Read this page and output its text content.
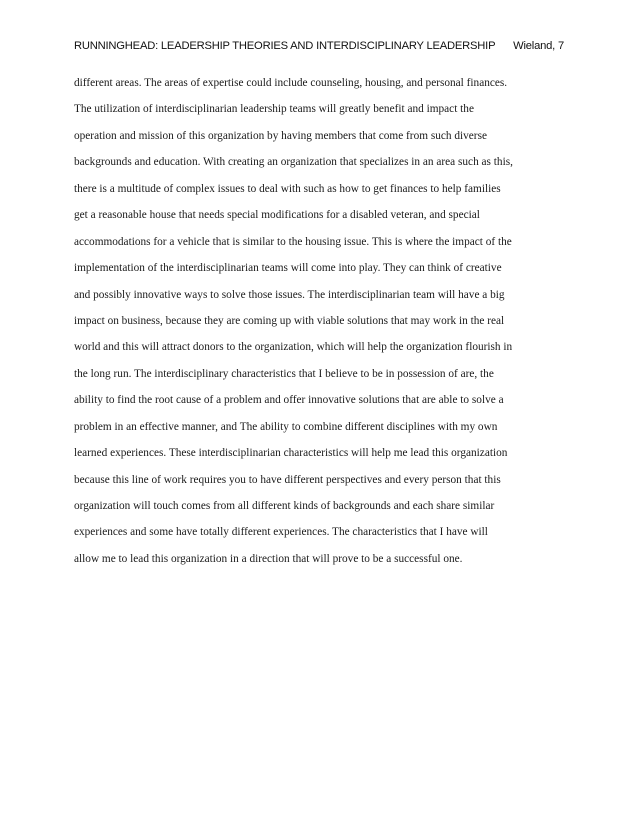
RUNNINGHEAD: LEADERSHIP THEORIES AND INTERDISCIPLINARY LEADERSHIP Wieland, 7
different areas. The areas of expertise could include counseling, housing, and personal finances.
The utilization of interdisciplinarian leadership teams will greatly benefit and impact the
operation and mission of this organization by having members that come from such diverse
backgrounds and education. With creating an organization that specializes in an area such as this,
there is a multitude of complex issues to deal with such as how to get finances to help families
get a reasonable house that needs special modifications for a disabled veteran, and special
accommodations for a vehicle that is similar to the housing issue. This is where the impact of the
implementation of the interdisciplinarian teams will come into play. They can think of creative
and possibly innovative ways to solve those issues. The interdisciplinarian team will have a big
impact on business, because they are coming up with viable solutions that may work in the real
world and this will attract donors to the organization, which will help the organization flourish in
the long run. The interdisciplinary characteristics that I believe to be in possession of are, the
ability to find the root cause of a problem and offer innovative solutions that are able to solve a
problem in an effective manner, and The ability to combine different disciplines with my own
learned experiences. These interdisciplinarian characteristics will help me lead this organization
because this line of work requires you to have different perspectives and every person that this
organization will touch comes from all different kinds of backgrounds and each share similar
experiences and some have totally different experiences. The characteristics that I have will
allow me to lead this organization in a direction that will prove to be a successful one.
